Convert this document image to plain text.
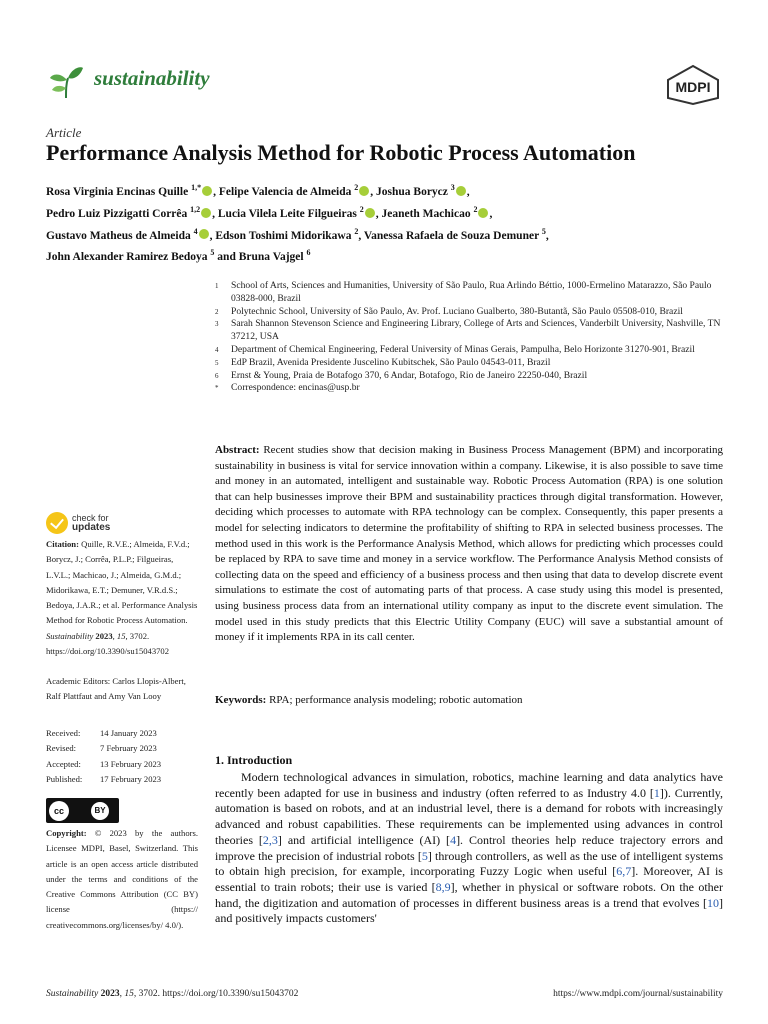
sustainability	MDPI
Article
Performance Analysis Method for Robotic Process Automation
Rosa Virginia Encinas Quille $^{1,*}$ , Felipe Valencia de Almeida $^2$ , Joshua Borycz $^3$ ,
Pedro Luiz Pizzigatti Corrêa $^{1,2}$ , Lucia Vilela Leite Filgueiras $^2$ , Jeaneth Machicao $^2$ ,
Gustavo Matheus de Almeida $^4$ , Edson Toshimi Midorikawa $^2$, Vanessa Rafaela de Souza Demuner $^5$,
John Alexander Ramirez Bedoya $^5$ and Bruna Vajgel $^6$
1	School of Arts, Sciences and Humanities, University of São Paulo, Rua Arlindo Béttio, 1000-Ermelino Matarazzo, São Paulo 03828-000, Brazil
2	Polytechnic School, University of São Paulo, Av. Prof. Luciano Gualberto, 380-Butantã, São Paulo 05508-010, Brazil
3	Sarah Shannon Stevenson Science and Engineering Library, College of Arts and Sciences, Vanderbilt University, Nashville, TN 37212, USA
4	Department of Chemical Engineering, Federal University of Minas Gerais, Pampulha, Belo Horizonte 31270-901, Brazil
5	EdP Brazil, Avenida Presidente Juscelino Kubitschek, São Paulo 04543-011, Brazil
6	Ernst & Young, Praia de Botafogo 370, 6 Andar, Botafogo, Rio de Janeiro 22250-040, Brazil
*	Correspondence: encinas@usp.br
Abstract: Recent studies show that decision making in Business Process Management (BPM) and incorporating sustainability in business is vital for service innovation within a company. Likewise, it is also possible to save time and money in an automated, intelligent and sustainable way. Robotic Process Automation (RPA) is one solution that can help businesses improve their BPM and sustainability practices through digital transformation. However, deciding which processes to automate with RPA technology can be complex. Consequently, this paper presents a model for selecting indicators to determine the profitability of shifting to RPA in selected business processes. The method used in this work is the Performance Analysis Method, which allows for predicting which processes could be replaced by RPA to save time and money in a service workflow. The Performance Analysis Method consists of collecting data on the speed and efficiency of a business process and then using that data to develop discrete event simulations to estimate the cost of automating parts of that process. A case study using this model is presented, using business process data from an international utility company as input to the discrete event simulation. The model used in this study predicts that this Electric Utility Company (EUC) will save a substantial amount of money if it implements RPA in its call center.
Keywords: RPA; performance analysis modeling; robotic automation
check for
updates
Citation: Quille, R.V.E.; Almeida, F.V.d.; Borycz, J.; Corrêa, P.L.P.; Filgueiras, L.V.L.; Machicao, J.; Almeida, G.M.d.; Midorikawa, E.T.; Demuner, V.R.d.S.; Bedoya, J.A.R.; et al. Performance Analysis Method for Robotic Process Automation. Sustainability 2023, 15, 3702. https://doi.org/10.3390/su15043702
Academic Editors: Carlos Llopis-Albert, Ralf Plattfaut and Amy Van Looy
Received:	14 January 2023
Revised:	7 February 2023
Accepted:	13 February 2023
Published:	17 February 2023
cc	BY
Copyright: © 2023 by the authors. Licensee MDPI, Basel, Switzerland. This article is an open access article distributed under the terms and conditions of the Creative Commons Attribution (CC BY) license (https:// creativecommons.org/licenses/by/ 4.0/).
1. Introduction
Modern technological advances in simulation, robotics, machine learning and data analytics have recently been adapted for use in business and industry (often referred to as Industry 4.0 [1]). Currently, automation is based on robots, and at an industrial level, there is a demand for robots with increasingly advanced and robust capabilities. These requirements can be implemented using advances in control theories [2,3] and artificial intelligence (AI) [4]. Control theories help reduce trajectory errors and improve the precision of industrial robots [5] through controllers, as well as the use of intelligent systems to obtain high precision, for example, incorporating Fuzzy Logic when useful [6,7]. Moreover, AI is essential to train robots; their use is varied [8,9], whether in physical or software robots. On the other hand, the digitization and automation of processes in different business areas is a trend that evolves [10] and positively impacts customers'
Sustainability 2023, 15, 3702. https://doi.org/10.3390/su15043702	https://www.mdpi.com/journal/sustainability
